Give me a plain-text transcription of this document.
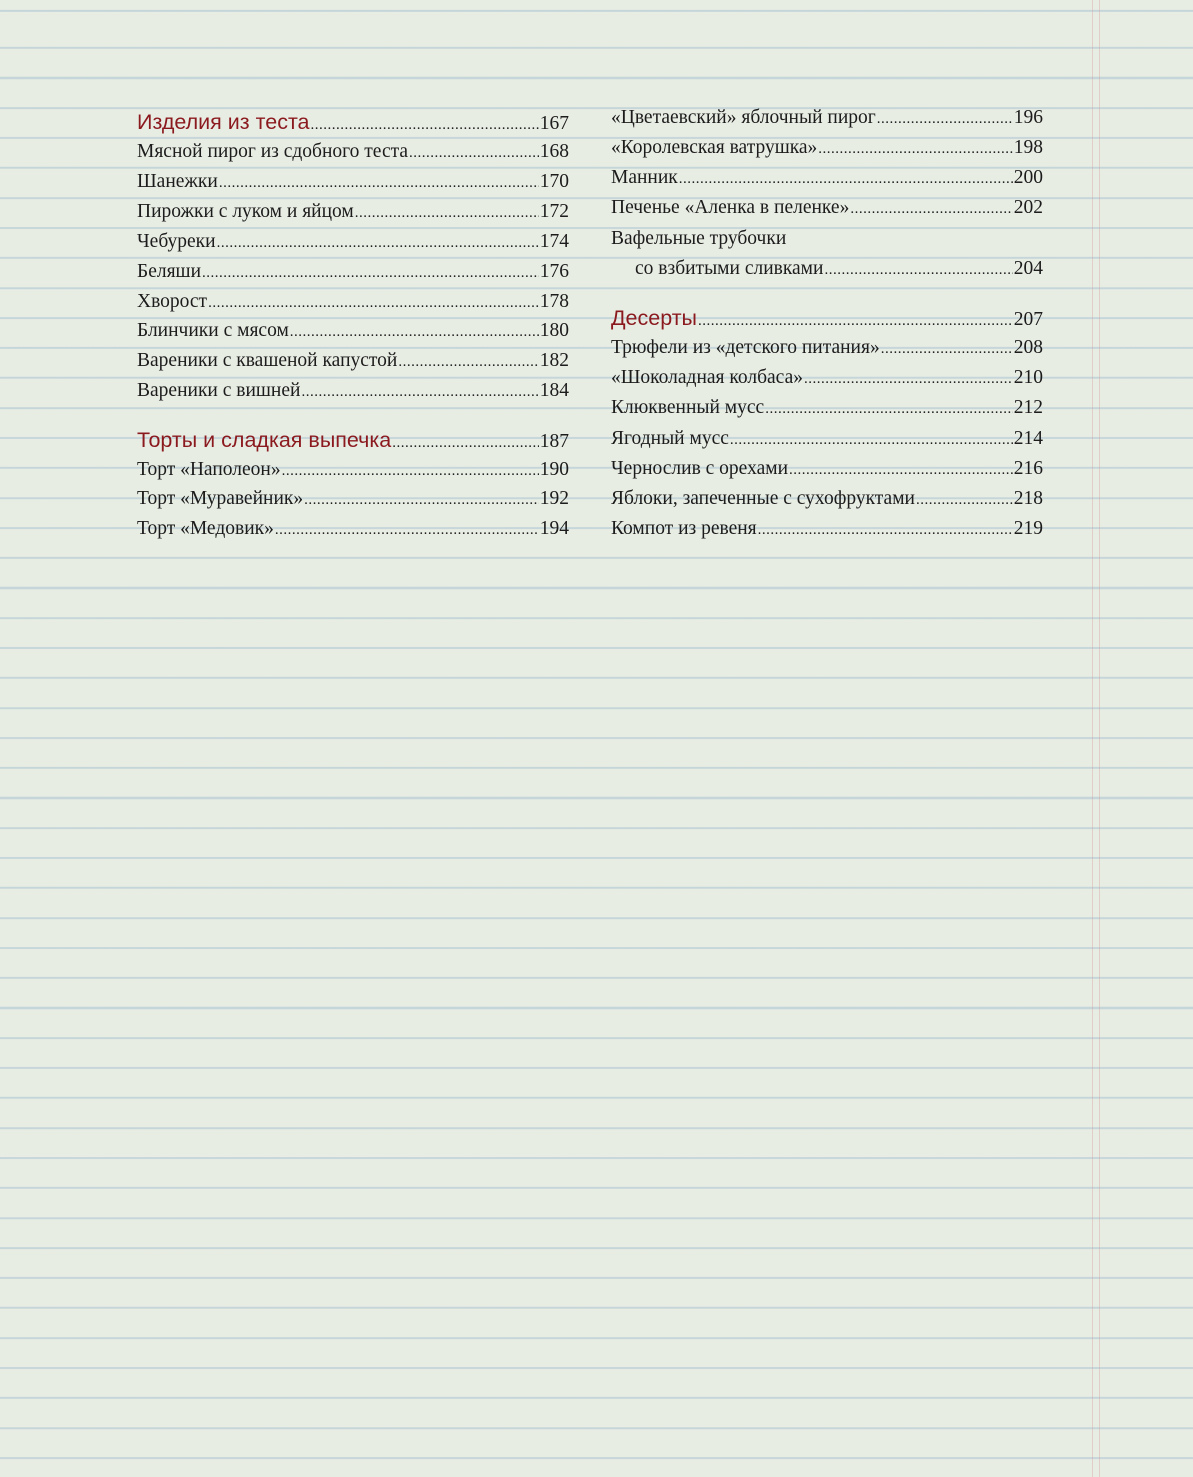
Изделия из теста .....	167
Мясной пирог из сдобного теста .....	168
Шанежки .....	170
Пирожки с луком и яйцом .....	172
Чебуреки .....	174
Беляши .....	176
Хворост .....	178
Блинчики с мясом .....	180
Вареники с квашеной капустой .....	182
Вареники с вишней .....	184
Торты и сладкая выпечка .....	187
Торт «Наполеон» .....	190
Торт «Муравейник» .....	192
Торт «Медовик» .....	194
«Цветаевский» яблочный пирог .....	196
«Королевская ватрушка» .....	198
Манник .....	200
Печенье «Аленка в пеленке» .....	202
Вафельные трубочки
со взбитыми сливками .....	204
Десерты .....	207
Трюфели из «детского питания» .....	208
«Шоколадная колбаса» .....	210
Клюквенный мусс .....	212
Ягодный мусс .....	214
Чернослив с орехами .....	216
Яблоки, запеченные с сухофруктами .....	218
Компот из ревеня .....	219
